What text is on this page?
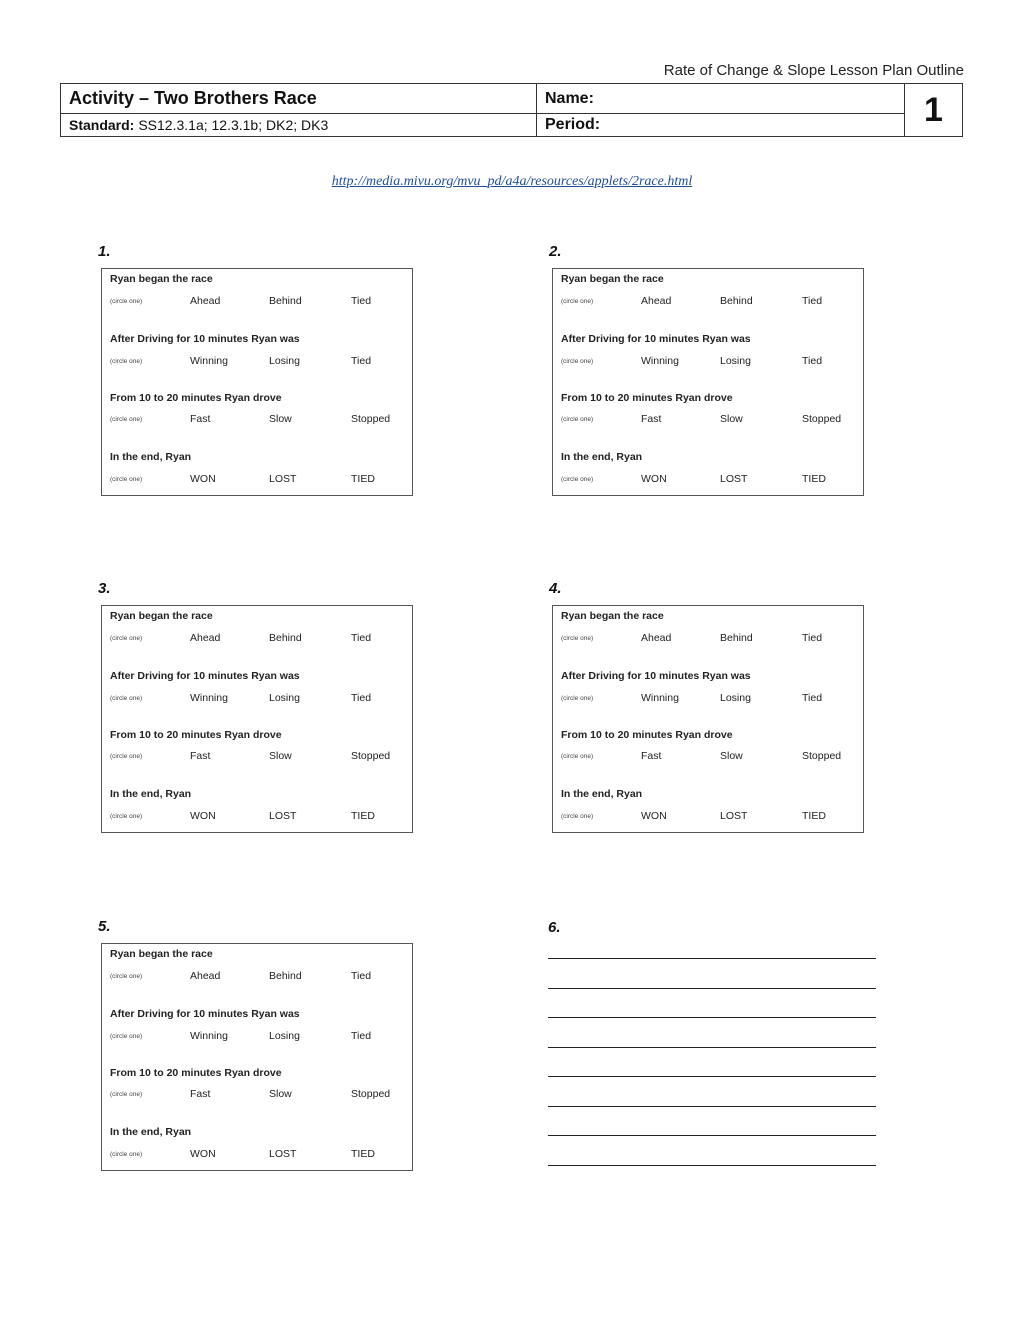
Rate of Change & Slope Lesson Plan Outline
Activity – Two Brothers Race
Standard: SS12.3.1a; 12.3.1b; DK2; DK3
Name:
Period:	1
http://media.mivu.org/mvu_pd/a4a/resources/applets/2race.html
1.
Ryan began the race
(circle one)	Ahead	Behind	Tied
After Driving for 10 minutes Ryan was
(circle one)	Winning	Losing	Tied
From 10 to 20 minutes Ryan drove
(circle one)	Fast	Slow	Stopped
In the end, Ryan
(circle one)	WON	LOST	TIED
2.
Ryan began the race
(circle one)	Ahead	Behind	Tied
After Driving for 10 minutes Ryan was
(circle one)	Winning	Losing	Tied
From 10 to 20 minutes Ryan drove
(circle one)	Fast	Slow	Stopped
In the end, Ryan
(circle one)	WON	LOST	TIED
3.
Ryan began the race
(circle one)	Ahead	Behind	Tied
After Driving for 10 minutes Ryan was
(circle one)	Winning	Losing	Tied
From 10 to 20 minutes Ryan drove
(circle one)	Fast	Slow	Stopped
In the end, Ryan
(circle one)	WON	LOST	TIED
4.
Ryan began the race
(circle one)	Ahead	Behind	Tied
After Driving for 10 minutes Ryan was
(circle one)	Winning	Losing	Tied
From 10 to 20 minutes Ryan drove
(circle one)	Fast	Slow	Stopped
In the end, Ryan
(circle one)	WON	LOST	TIED
5.
Ryan began the race
(circle one)	Ahead	Behind	Tied
After Driving for 10 minutes Ryan was
(circle one)	Winning	Losing	Tied
From 10 to 20 minutes Ryan drove
(circle one)	Fast	Slow	Stopped
In the end, Ryan
(circle one)	WON	LOST	TIED
6.
